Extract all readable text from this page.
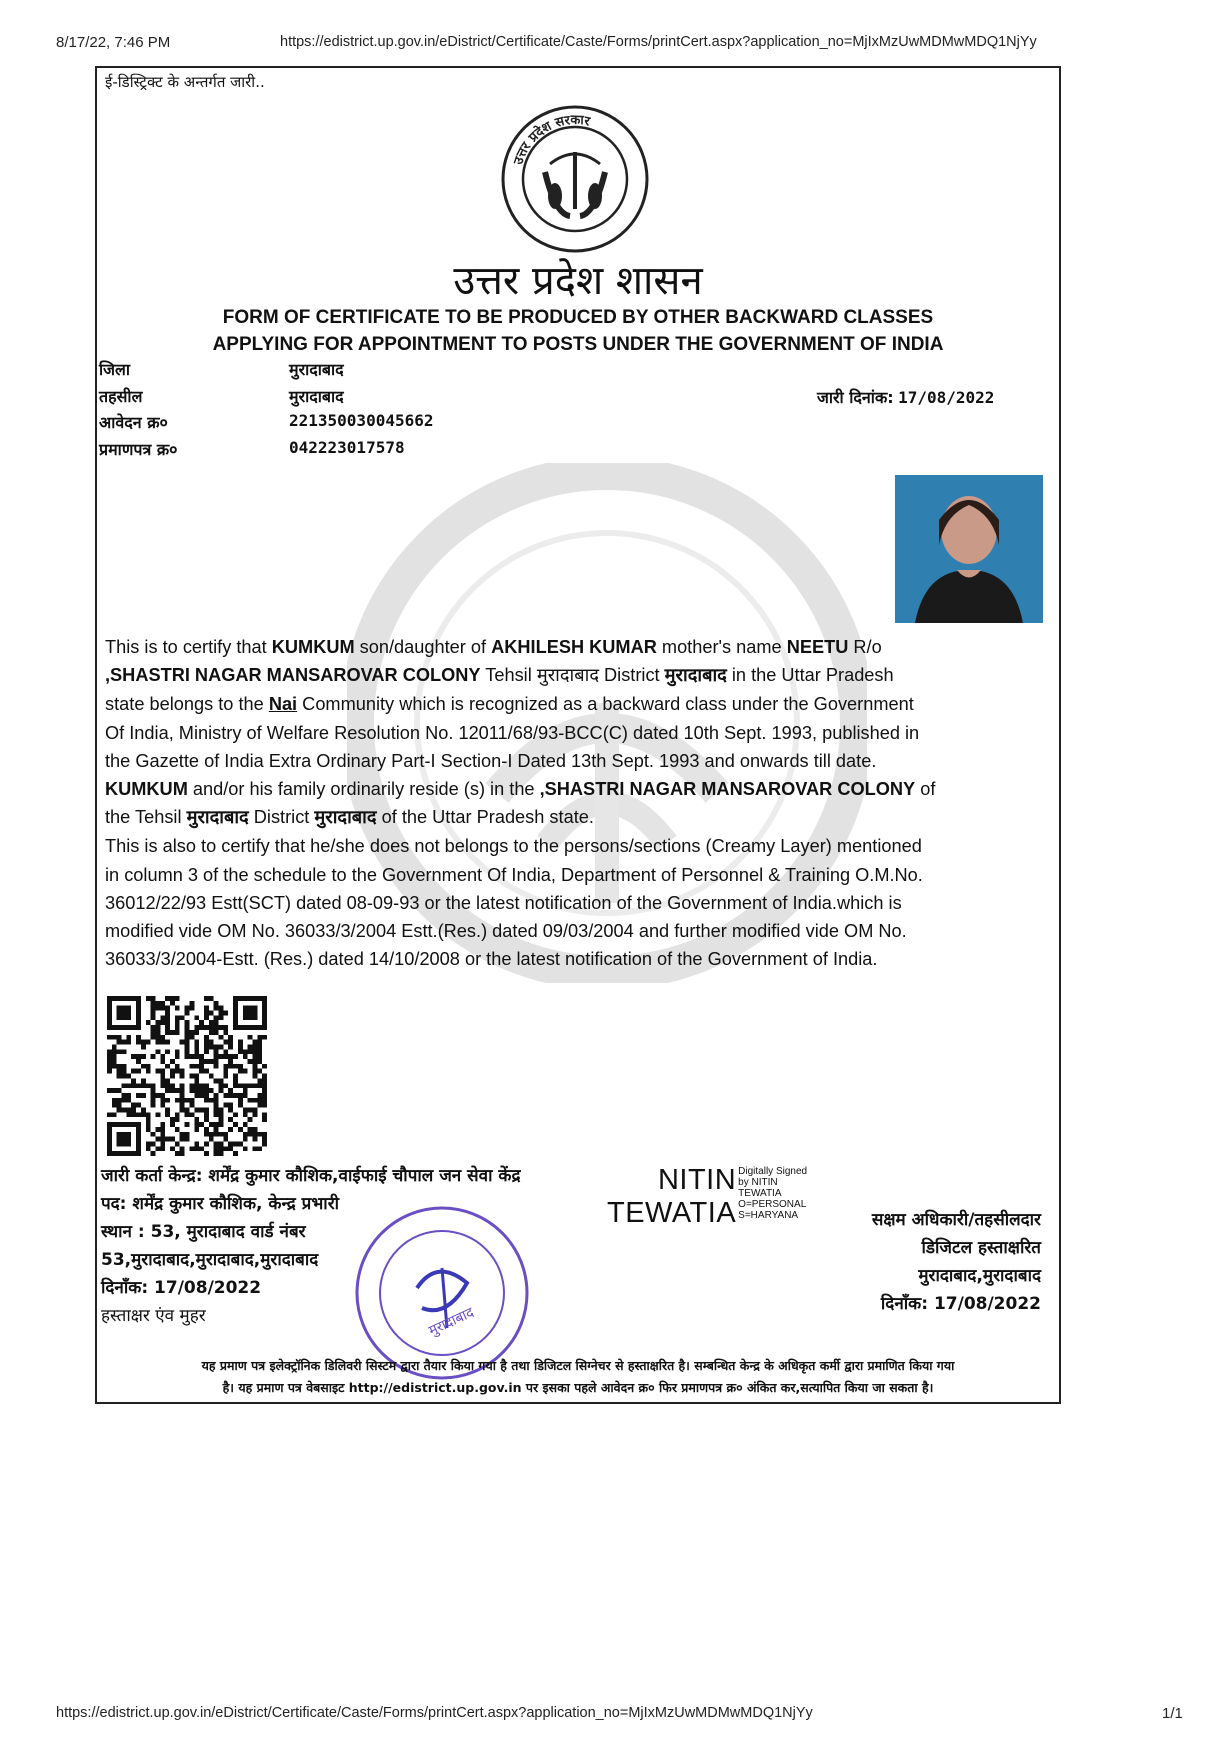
8/17/22, 7:46 PM	https://edistrict.up.gov.in/eDistrict/Certificate/Caste/Forms/printCert.aspx?application_no=MjIxMzUwMDMwMDQ1NjYy
ई-डिस्ट्रिक्ट के अन्तर्गत जारी..
उत्तर प्रदेश सरकार
उत्तर प्रदेश शासन
FORM OF CERTIFICATE TO BE PRODUCED BY OTHER BACKWARD CLASSES
APPLYING FOR APPOINTMENT TO POSTS UNDER THE GOVERNMENT OF INDIA
जिला	मुरादाबाद
तहसील	मुरादाबाद
आवेदन क्र०	221350030045662
प्रमाणपत्र क्र०	042223017578
जारी दिनांक: 17/08/2022
This is to certify that KUMKUM son/daughter of AKHILESH KUMAR mother's name NEETU R/o
,SHASTRI NAGAR MANSAROVAR COLONY Tehsil मुरादाबाद District मुरादाबाद in the Uttar Pradesh
state belongs to the Nai Community which is recognized as a backward class under the Government
Of India, Ministry of Welfare Resolution No. 12011/68/93-BCC(C) dated 10th Sept. 1993, published in
the Gazette of India Extra Ordinary Part-I Section-I Dated 13th Sept. 1993 and onwards till date.
KUMKUM and/or his family ordinarily reside (s) in the ,SHASTRI NAGAR MANSAROVAR COLONY of
the Tehsil मुरादाबाद District मुरादाबाद of the Uttar Pradesh state.
This is also to certify that he/she does not belongs to the persons/sections (Creamy Layer) mentioned
in column 3 of the schedule to the Government Of India, Department of Personnel & Training O.M.No.
36012/22/93 Estt(SCT) dated 08-09-93 or the latest notification of the Government of India.which is
modified vide OM No. 36033/3/2004 Estt.(Res.) dated 09/03/2004 and further modified vide OM No.
36033/3/2004-Estt. (Res.) dated 14/10/2008 or the latest notification of the Government of India.
जारी कर्ता केन्द्र: शर्मेंद्र कुमार कौशिक,वाईफाई चौपाल जन सेवा केंद्र
पद: शर्मेंद्र कुमार कौशिक, केन्द्र प्रभारी
स्थान : 53, मुरादाबाद वार्ड नंबर
53,मुरादाबाद,मुरादाबाद,मुरादाबाद
दिनाँक: 17/08/2022
हस्ताक्षर एंव मुहर	मुरादाबाद
NITIN
TEWATIA
Digitally Signed
by NITIN
TEWATIA
O=PERSONAL
S=HARYANA	सक्षम अधिकारी/तहसीलदार
डिजिटल हस्ताक्षरित
मुरादाबाद,मुरादाबाद
दिनाँक: 17/08/2022
यह प्रमाण पत्र इलेक्ट्रॉनिक डिलिवरी सिस्टम द्वारा तैयार किया गया है तथा डिजिटल सिग्नेचर से हस्ताक्षरित है। सम्बन्धित केन्द्र के अधिकृत कर्मी द्वारा प्रमाणित किया गया
है। यह प्रमाण पत्र वेबसाइट http://edistrict.up.gov.in पर इसका पहले आवेदन क्र० फिर प्रमाणपत्र क्र० अंकित कर,सत्यापित किया जा सकता है।
https://edistrict.up.gov.in/eDistrict/Certificate/Caste/Forms/printCert.aspx?application_no=MjIxMzUwMDMwMDQ1NjYy	1/1
